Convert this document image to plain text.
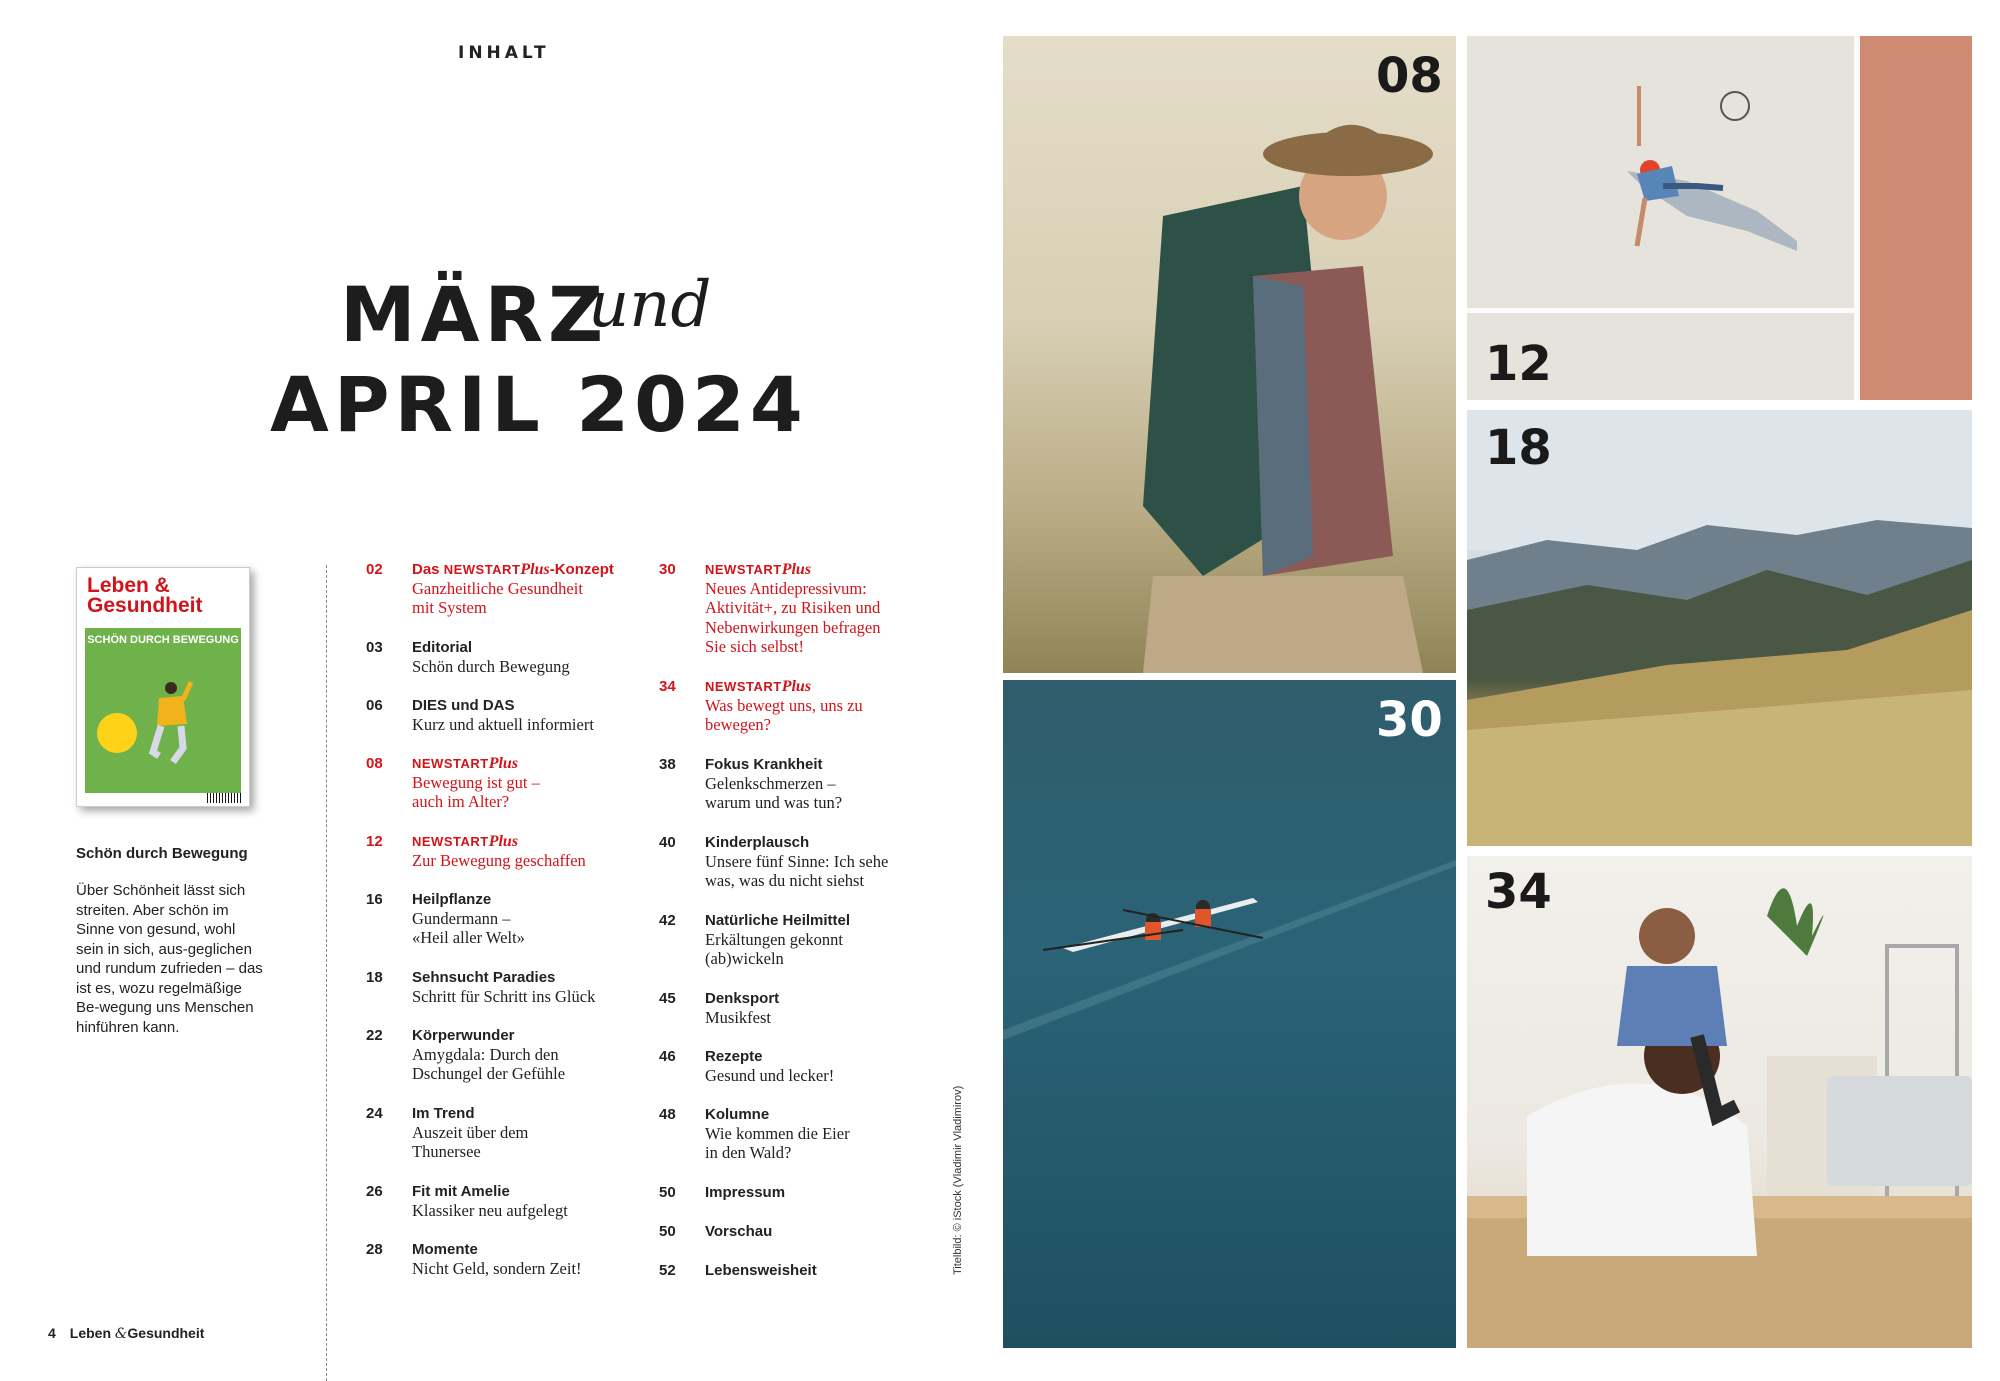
INHALT
MÄRZ
und
APRIL 2024
Leben &
Gesundheit
SCHÖN DURCH BEWEGUNG
Schön durch Bewegung
Über Schönheit lässt sich streiten. Aber schön im Sinne von gesund, wohl sein in sich, aus-geglichen und rundum zufrieden – das ist es, wozu regelmäßige Be-wegung uns Menschen hinführen kann.
02	Das NEWSTARTPlus-Konzept
Ganzheitliche Gesundheit
mit System
03	Editorial
Schön durch Bewegung
06	DIES und DAS
Kurz und aktuell informiert
08	NEWSTARTPlus
Bewegung ist gut –
auch im Alter?
12	NEWSTARTPlus
Zur Bewegung geschaffen
16	Heilpflanze
Gundermann –
«Heil aller Welt»
18	Sehnsucht Paradies
Schritt für Schritt ins Glück
22	Körperwunder
Amygdala: Durch den
Dschungel der Gefühle
24	Im Trend
Auszeit über dem
Thunersee
26	Fit mit Amelie
Klassiker neu aufgelegt
28	Momente
Nicht Geld, sondern Zeit!
30	NEWSTARTPlus
Neues Antidepressivum:
Aktivität+, zu Risiken und
Nebenwirkungen befragen
Sie sich selbst!
34	NEWSTARTPlus
Was bewegt uns, uns zu
bewegen?
38	Fokus Krankheit
Gelenkschmerzen –
warum und was tun?
40	Kinderplausch
Unsere fünf Sinne: Ich sehe
was, was du nicht siehst
42	Natürliche Heilmittel
Erkältungen gekonnt
(ab)wickeln
45	Denksport
Musikfest
46	Rezepte
Gesund und lecker!
48	Kolumne
Wie kommen die Eier
in den Wald?
50	Impressum
50	Vorschau
52	Lebensweisheit	Titelbild: © iStock (Vladimir Vladimirov)
08
12
18
30
34
4 Leben &Gesundheit
